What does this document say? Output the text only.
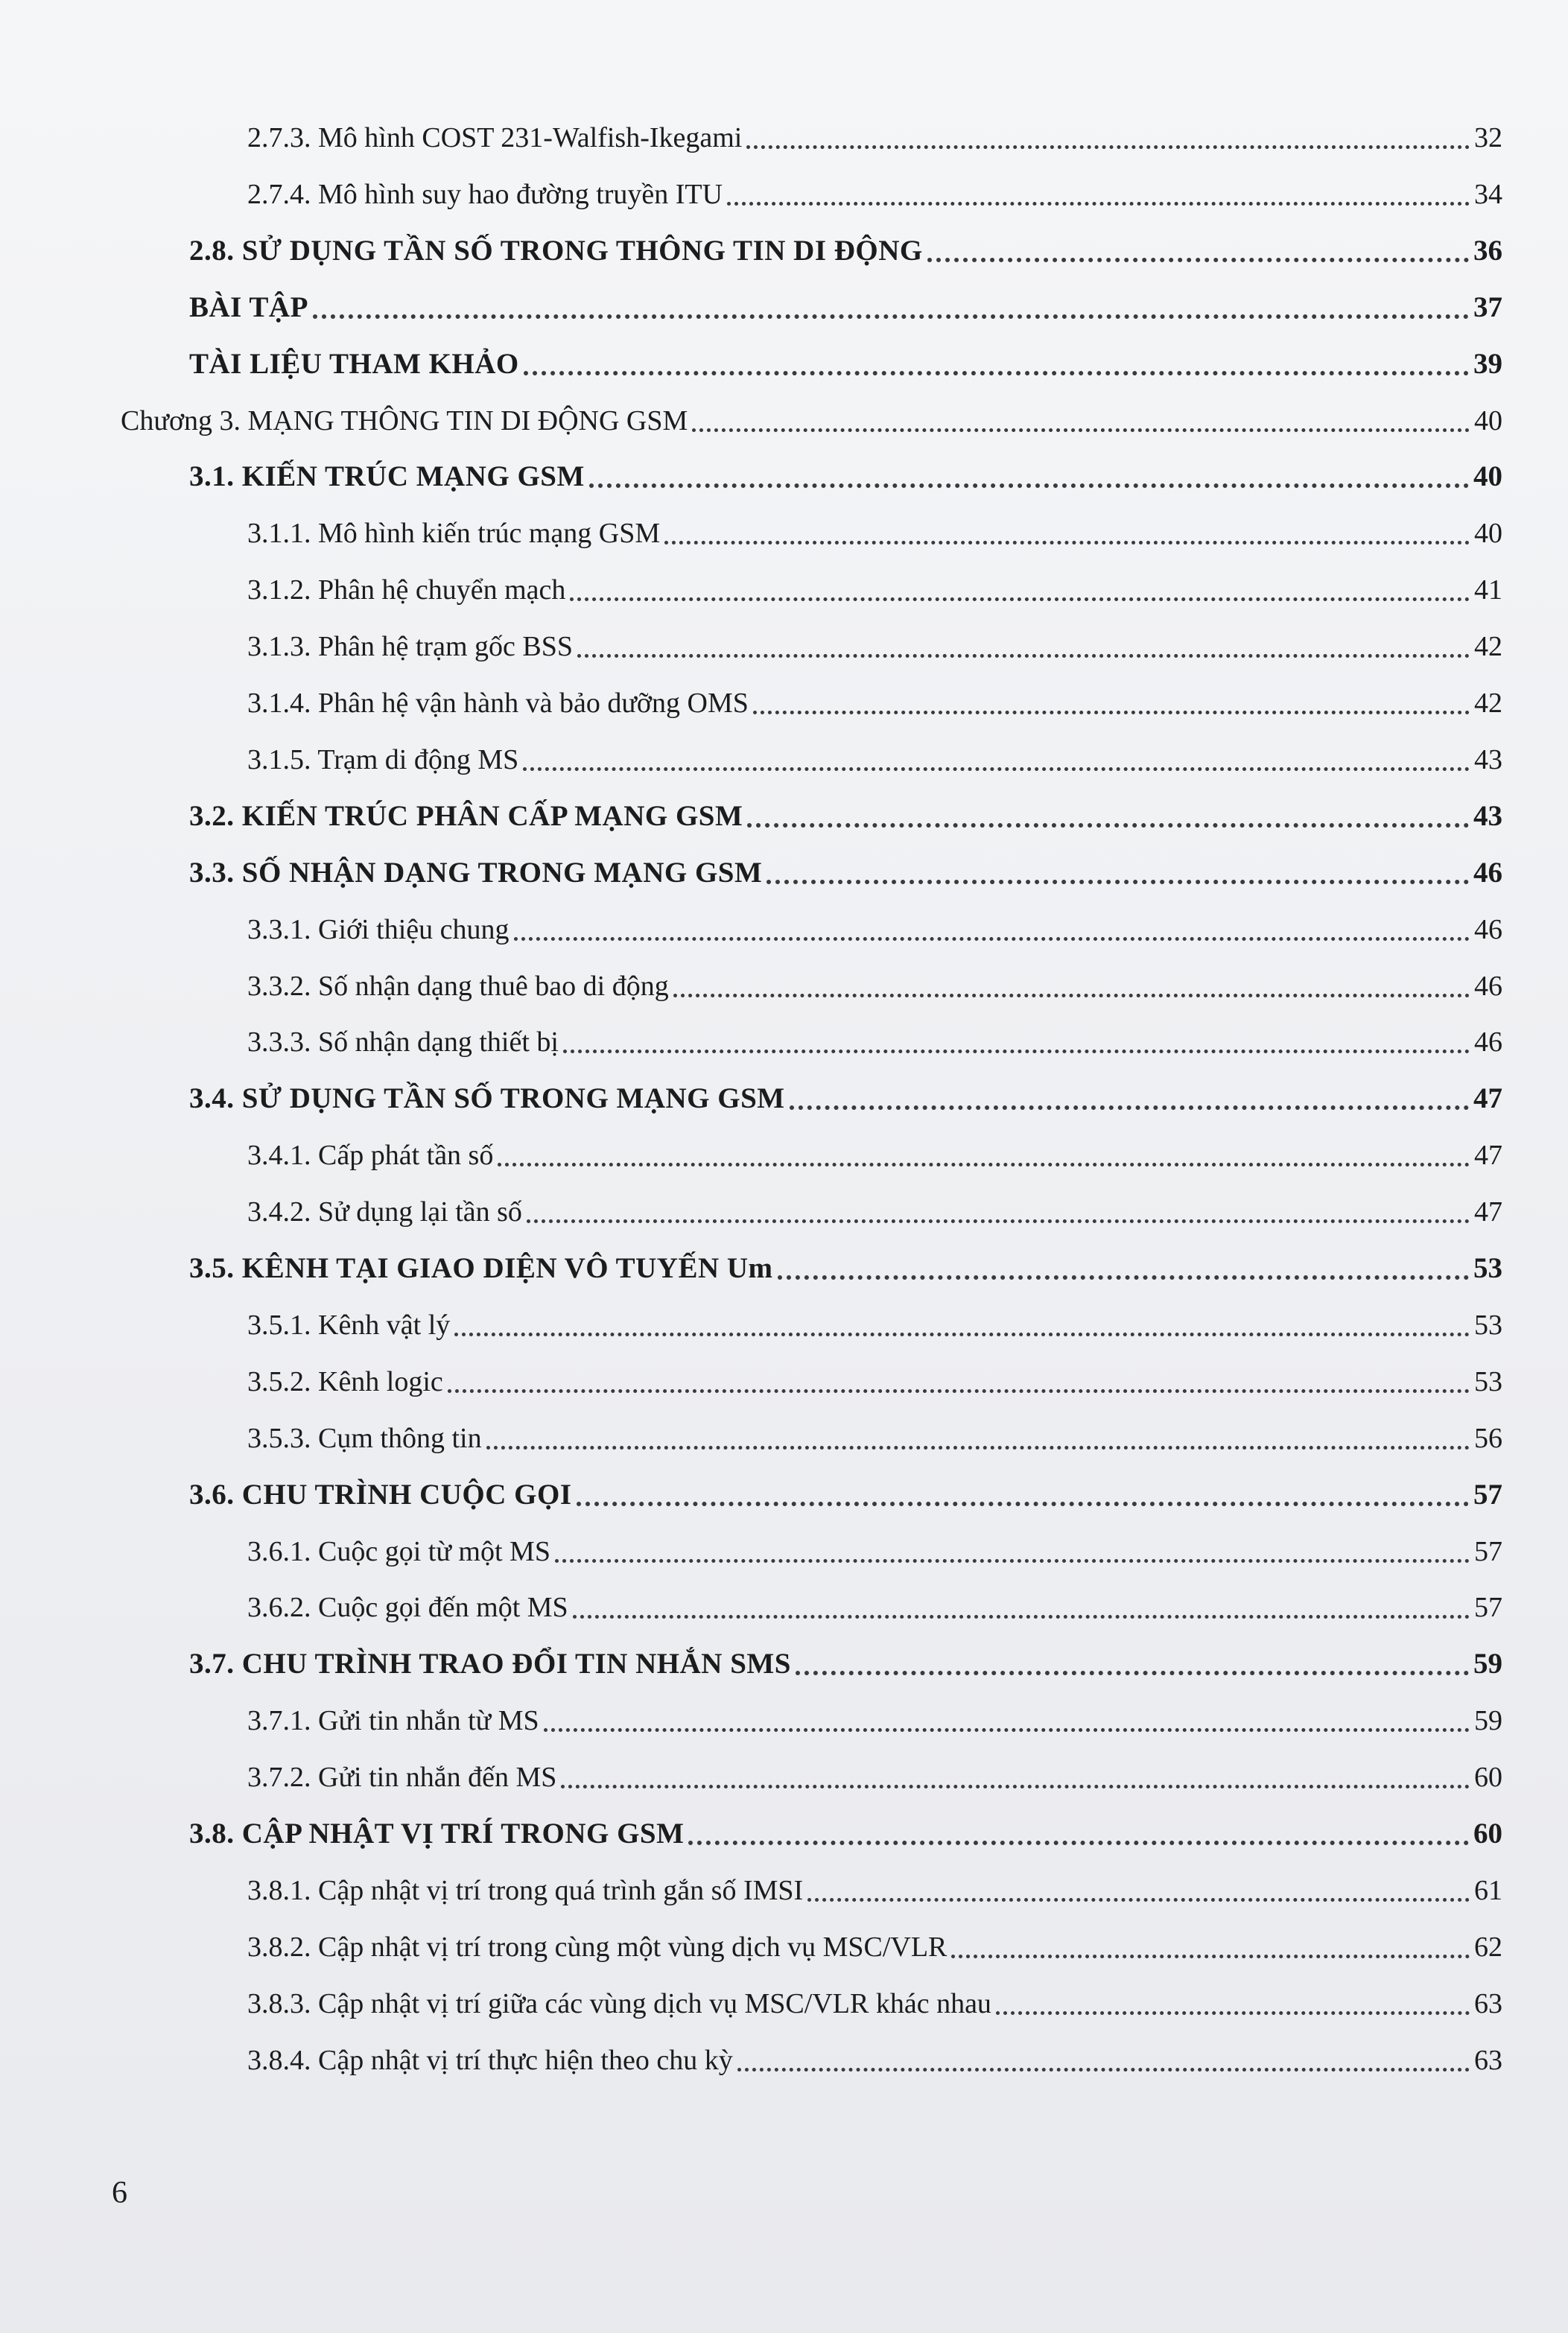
2.7.3. Mô hình COST 231-Walfish-Ikegami	32
2.7.4. Mô hình suy hao đường truyền ITU	34
2.8. SỬ DỤNG TẦN SỐ TRONG THÔNG TIN DI ĐỘNG	36
BÀI TẬP	37
TÀI LIỆU THAM KHẢO	39
Chương 3. MẠNG THÔNG TIN DI ĐỘNG GSM	40
3.1. KIẾN TRÚC MẠNG GSM	40
3.1.1. Mô hình kiến trúc mạng GSM	40
3.1.2. Phân hệ chuyển mạch	41
3.1.3. Phân hệ trạm gốc BSS	42
3.1.4. Phân hệ vận hành và bảo dưỡng OMS	42
3.1.5. Trạm di động MS	43
3.2. KIẾN TRÚC PHÂN CẤP MẠNG GSM	43
3.3. SỐ NHẬN DẠNG TRONG MẠNG GSM	46
3.3.1. Giới thiệu chung	46
3.3.2. Số nhận dạng thuê bao di động	46
3.3.3. Số nhận dạng thiết bị	46
3.4. SỬ DỤNG TẦN SỐ TRONG MẠNG GSM	47
3.4.1. Cấp phát tần số	47
3.4.2. Sử dụng lại tần số	47
3.5. KÊNH TẠI GIAO DIỆN VÔ TUYẾN Um	53
3.5.1. Kênh vật lý	53
3.5.2. Kênh logic	53
3.5.3. Cụm thông tin	56
3.6. CHU TRÌNH CUỘC GỌI	57
3.6.1. Cuộc gọi từ một MS	57
3.6.2. Cuộc gọi đến một MS	57
3.7. CHU TRÌNH TRAO ĐỔI TIN NHẮN SMS	59
3.7.1. Gửi tin nhắn từ MS	59
3.7.2. Gửi tin nhắn đến MS	60
3.8. CẬP NHẬT VỊ TRÍ TRONG GSM	60
3.8.1. Cập nhật vị trí trong quá trình gắn số IMSI	61
3.8.2. Cập nhật vị trí trong cùng một vùng dịch vụ MSC/VLR	62
3.8.3. Cập nhật vị trí giữa các vùng dịch vụ MSC/VLR khác nhau	63
3.8.4. Cập nhật vị trí thực hiện theo chu kỳ	63
6
